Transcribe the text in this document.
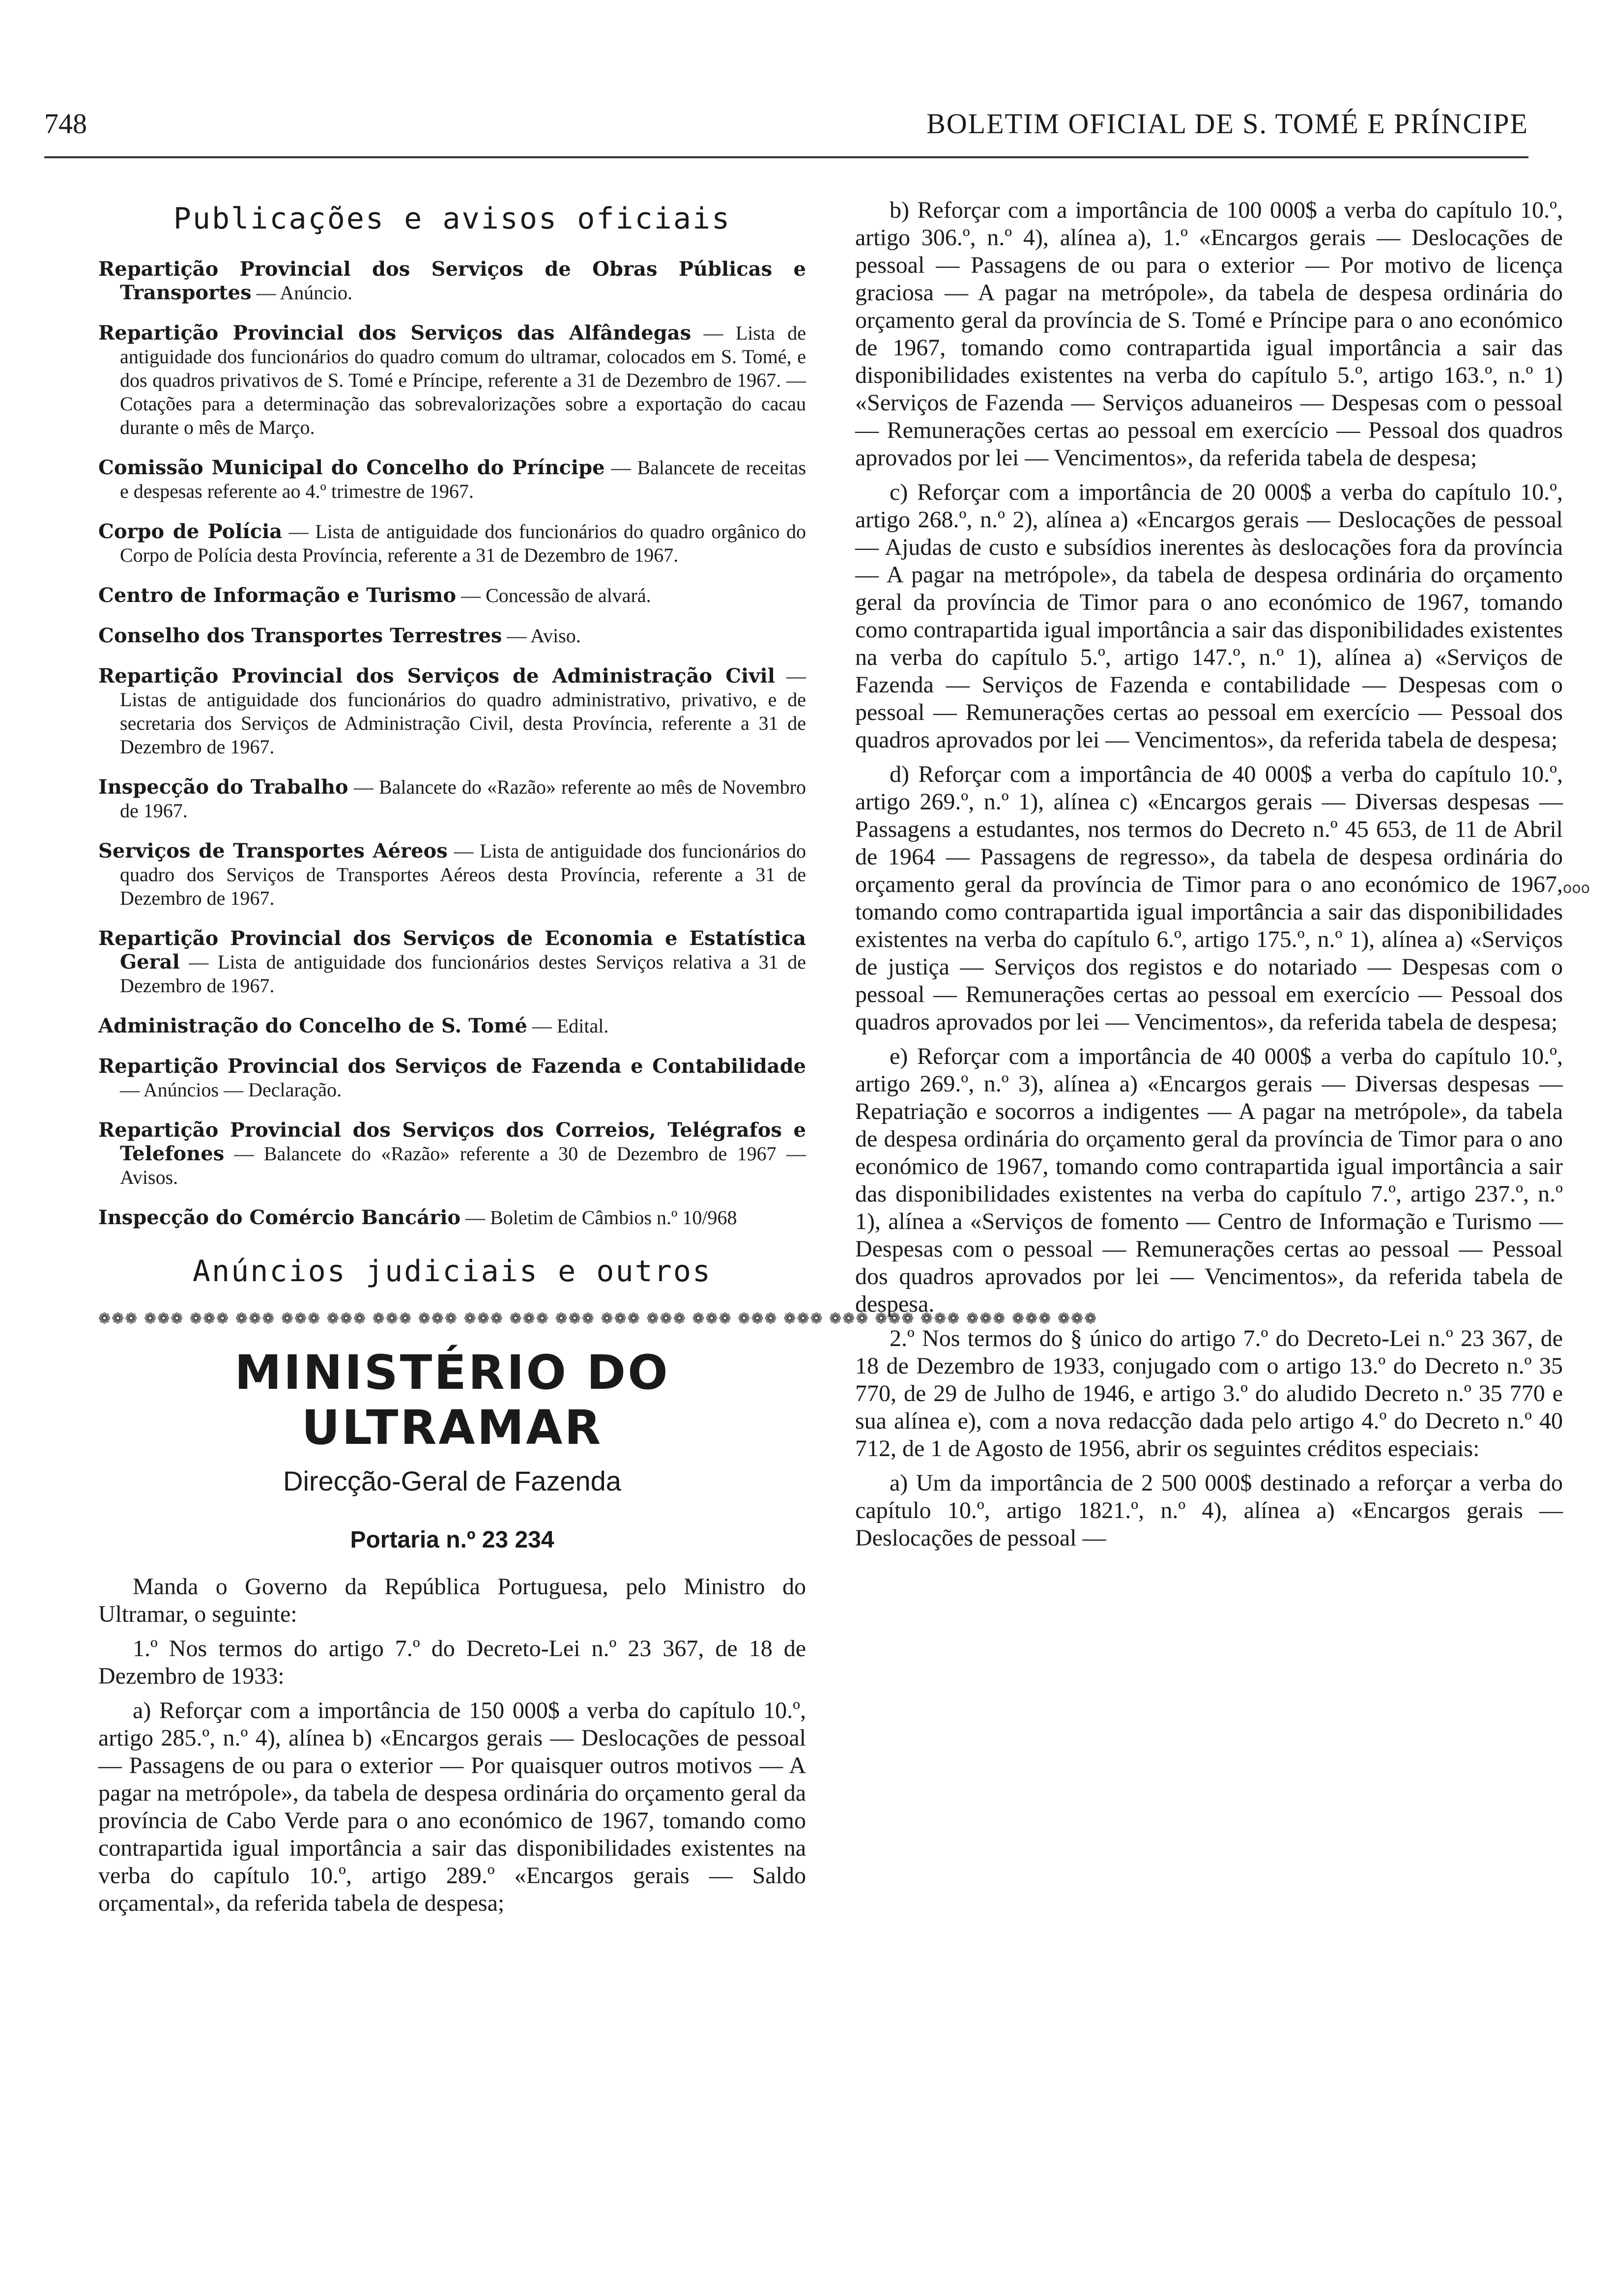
748	BOLETIM OFICIAL DE S. TOMÉ E PRÍNCIPE
Publicações e avisos oficiais

Repartição Provincial dos Serviços de Obras Públicas e Transportes — Anúncio.

Repartição Provincial dos Serviços das Alfândegas — Lista de antiguidade dos funcionários do quadro comum do ultramar, colocados em S. Tomé, e dos quadros privativos de S. Tomé e Príncipe, referente a 31 de Dezembro de 1967. — Cotações para a determinação das sobrevalorizações sobre a exportação do cacau durante o mês de Março.

Comissão Municipal do Concelho do Príncipe — Balancete de receitas e despesas referente ao 4.º trimestre de 1967.

Corpo de Polícia — Lista de antiguidade dos funcionários do quadro orgânico do Corpo de Polícia desta Província, referente a 31 de Dezembro de 1967.

Centro de Informação e Turismo — Concessão de alvará.

Conselho dos Transportes Terrestres — Aviso.

Repartição Provincial dos Serviços de Administração Civil — Listas de antiguidade dos funcionários do quadro administrativo, privativo, e de secretaria dos Serviços de Administração Civil, desta Província, referente a 31 de Dezembro de 1967.

Inspecção do Trabalho — Balancete do «Razão» referente ao mês de Novembro de 1967.

Serviços de Transportes Aéreos — Lista de antiguidade dos funcionários do quadro dos Serviços de Transportes Aéreos desta Província, referente a 31 de Dezembro de 1967.

Repartição Provincial dos Serviços de Economia e Estatística Geral — Lista de antiguidade dos funcionários destes Serviços relativa a 31 de Dezembro de 1967.

Administração do Concelho de S. Tomé — Edital.

Repartição Provincial dos Serviços de Fazenda e Contabilidade — Anúncios — Declaração.

Repartição Provincial dos Serviços dos Correios, Telégrafos e Telefones — Balancete do «Razão» referente a 30 de Dezembro de 1967 — Avisos.

Inspecção do Comércio Bancário — Boletim de Câmbios n.º 10/968

Anúncios judiciais e outros
❁❁❁ ❁❁❁ ❁❁❁ ❁❁❁ ❁❁❁ ❁❁❁ ❁❁❁ ❁❁❁ ❁❁❁ ❁❁❁ ❁❁❁ ❁❁❁ ❁❁❁ ❁❁❁ ❁❁❁ ❁❁❁ ❁❁❁ ❁❁❁ ❁❁❁ ❁❁❁ ❁❁❁ ❁❁❁
MINISTÉRIO DO ULTRAMAR
Direcção-Geral de Fazenda
Portaria n.º 23 234

Manda o Governo da República Portuguesa, pelo Ministro do Ultramar, o seguinte:

1.º Nos termos do artigo 7.º do Decreto-Lei n.º 23 367, de 18 de Dezembro de 1933:

a) Reforçar com a importância de 150 000$ a verba do capítulo 10.º, artigo 285.º, n.º 4), alínea b) «Encargos gerais — Deslocações de pessoal — Passagens de ou para o exterior — Por quaisquer outros motivos — A pagar na metrópole», da tabela de despesa ordinária do orçamento geral da província de Cabo Verde para o ano económico de 1967, tomando como contrapartida igual importância a sair das disponibilidades existentes na verba do capítulo 10.º, artigo 289.º «Encargos gerais — Saldo orçamental», da referida tabela de despesa;

b) Reforçar com a importância de 100 000$ a verba do capítulo 10.º, artigo 306.º, n.º 4), alínea a), 1.º «Encargos gerais — Deslocações de pessoal — Passagens de ou para o exterior — Por motivo de licença graciosa — A pagar na metrópole», da tabela de despesa ordinária do orçamento geral da província de S. Tomé e Príncipe para o ano económico de 1967, tomando como contrapartida igual importância a sair das disponibilidades existentes na verba do capítulo 5.º, artigo 163.º, n.º 1) «Serviços de Fazenda — Serviços aduaneiros — Despesas com o pessoal — Remunerações certas ao pessoal em exercício — Pessoal dos quadros aprovados por lei — Vencimentos», da referida tabela de despesa;

c) Reforçar com a importância de 20 000$ a verba do capítulo 10.º, artigo 268.º, n.º 2), alínea a) «Encargos gerais — Deslocações de pessoal — Ajudas de custo e subsídios inerentes às deslocações fora da província — A pagar na metrópole», da tabela de despesa ordinária do orçamento geral da província de Timor para o ano económico de 1967, tomando como contrapartida igual importância a sair das disponibilidades existentes na verba do capítulo 5.º, artigo 147.º, n.º 1), alínea a) «Serviços de Fazenda — Serviços de Fazenda e contabilidade — Despesas com o pessoal — Remunerações certas ao pessoal em exercício — Pessoal dos quadros aprovados por lei — Vencimentos», da referida tabela de despesa;

d) Reforçar com a importância de 40 000$ a verba do capítulo 10.º, artigo 269.º, n.º 1), alínea c) «Encargos gerais — Diversas despesas — Passagens a estudantes, nos termos do Decreto n.º 45 653, de 11 de Abril de 1964 — Passagens de regresso», da tabela de despesa ordinária do orçamento geral da província de Timor para o ano económico de 1967, tomando como contrapartida igual importância a sair das disponibilidades existentes na verba do capítulo 6.º, artigo 175.º, n.º 1), alínea a) «Serviços de justiça — Serviços dos registos e do notariado — Despesas com o pessoal — Remunerações certas ao pessoal em exercício — Pessoal dos quadros aprovados por lei — Vencimentos», da referida tabela de despesa;

e) Reforçar com a importância de 40 000$ a verba do capítulo 10.º, artigo 269.º, n.º 3), alínea a) «Encargos gerais — Diversas despesas — Repatriação e socorros a indigentes — A pagar na metrópole», da tabela de despesa ordinária do orçamento geral da província de Timor para o ano económico de 1967, tomando como contrapartida igual importância a sair das disponibilidades existentes na verba do capítulo 7.º, artigo 237.º, n.º 1), alínea a «Serviços de fomento — Centro de Informação e Turismo — Despesas com o pessoal — Remunerações certas ao pessoal — Pessoal dos quadros aprovados por lei — Vencimentos», da referida tabela de despesa.

2.º Nos termos do § único do artigo 7.º do Decreto-Lei n.º 23 367, de 18 de Dezembro de 1933, conjugado com o artigo 13.º do Decreto n.º 35 770, de 29 de Julho de 1946, e artigo 3.º do aludido Decreto n.º 35 770 e sua alínea e), com a nova redacção dada pelo artigo 4.º do Decreto n.º 40 712, de 1 de Agosto de 1956, abrir os seguintes créditos especiais:

a) Um da importância de 2 500 000$ destinado a reforçar a verba do capítulo 10.º, artigo 1821.º, n.º 4), alínea a) «Encargos gerais — Deslocações de pessoal —

ooo
